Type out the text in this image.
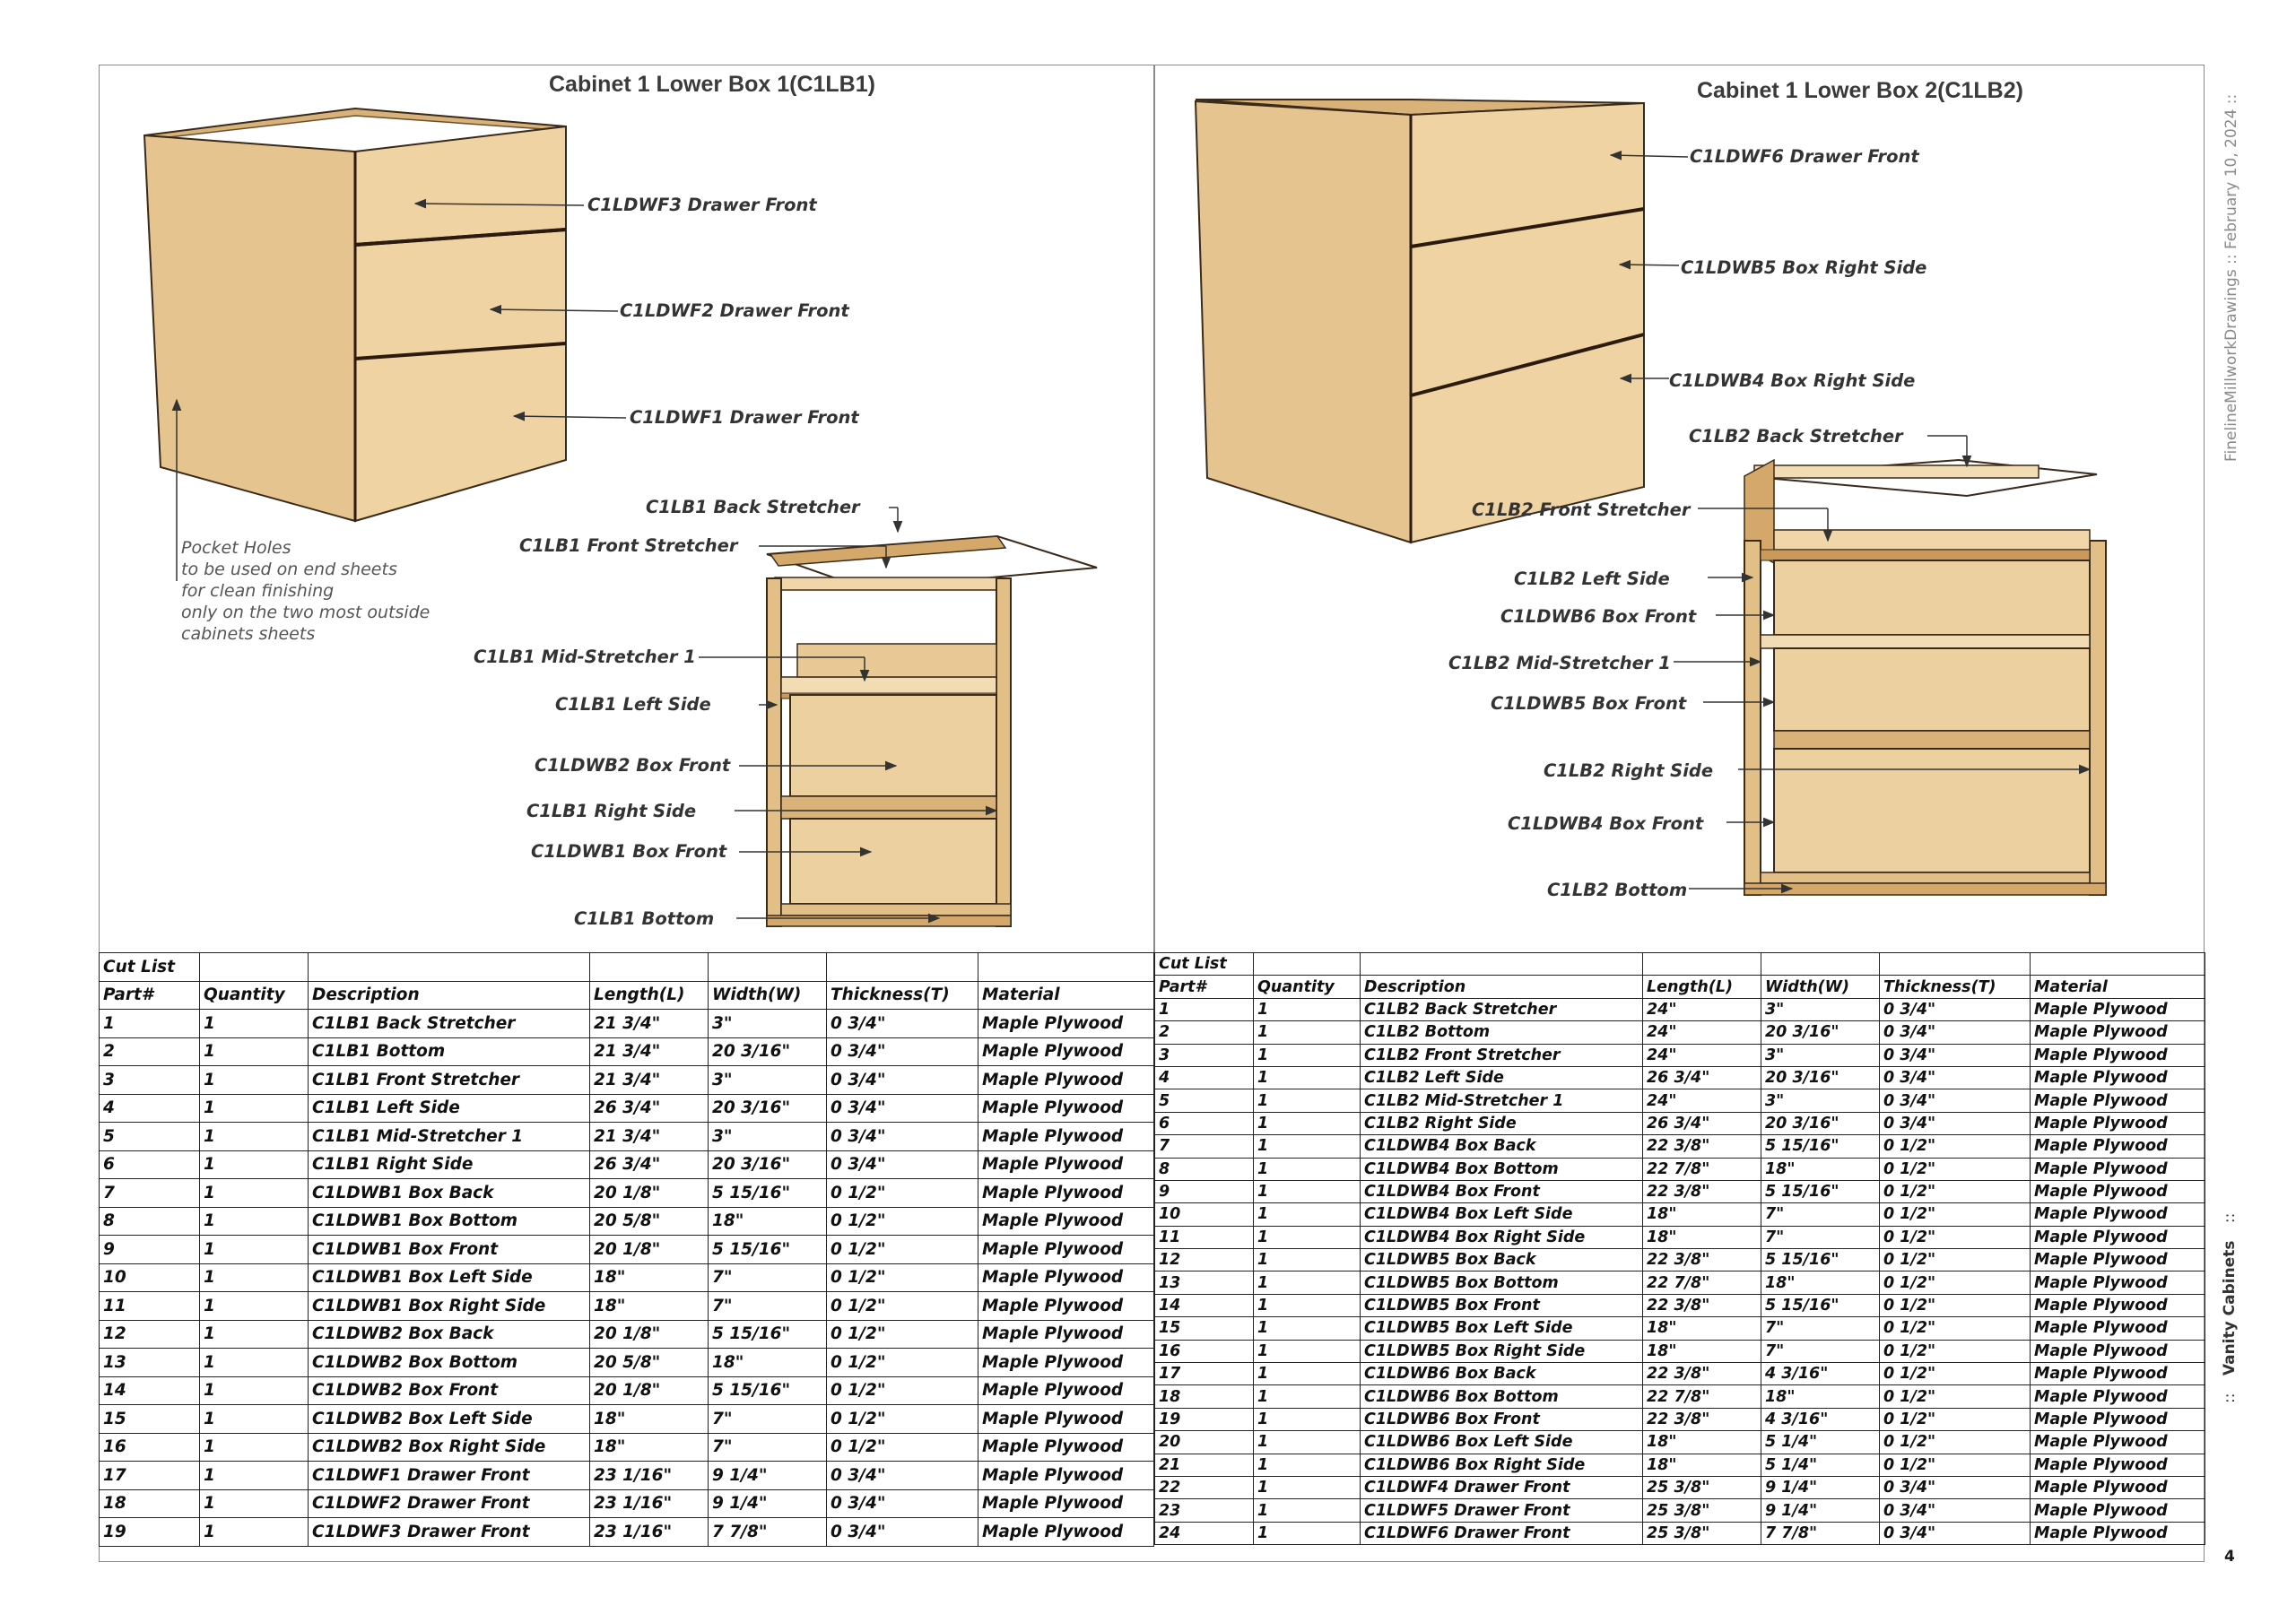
Cabinet 1 Lower Box 1(C1LB1)
C1LDWF3 Drawer Front
C1LDWF2 Drawer Front
C1LDWF1 Drawer Front
C1LB1 Back Stretcher
C1LB1 Front Stretcher
C1LB1 Mid-Stretcher 1
C1LB1 Left Side
C1LDWB2 Box Front
C1LB1 Right Side
C1LDWB1 Box Front
C1LB1 Bottom
Pocket Holes
to be used on end sheets
for clean finishing
only on the two most outside
cabinets sheets
Cabinet 1 Lower Box 2(C1LB2)
C1LDWF6 Drawer Front
C1LDWB5 Box Right Side
C1LDWB4 Box Right Side
C1LB2 Back Stretcher
C1LB2 Front Stretcher
C1LB2 Left Side
C1LDWB6 Box Front
C1LB2 Mid-Stretcher 1
C1LDWB5 Box Front
C1LB2 Right Side
C1LDWB4 Box Front
C1LB2 Bottom
FinelineMillworkDrawings :: February 10, 2024 ::
:: Vanity Cabinets ::
4
Cut List						
Part#	Quantity	Description	Length(L)	Width(W)	Thickness(T)	Material
1	1	C1LB1 Back Stretcher	21 3/4"	3"	0 3/4"	Maple Plywood
2	1	C1LB1 Bottom	21 3/4"	20 3/16"	0 3/4"	Maple Plywood
3	1	C1LB1 Front Stretcher	21 3/4"	3"	0 3/4"	Maple Plywood
4	1	C1LB1 Left Side	26 3/4"	20 3/16"	0 3/4"	Maple Plywood
5	1	C1LB1 Mid-Stretcher 1	21 3/4"	3"	0 3/4"	Maple Plywood
6	1	C1LB1 Right Side	26 3/4"	20 3/16"	0 3/4"	Maple Plywood
7	1	C1LDWB1 Box Back	20 1/8"	5 15/16"	0 1/2"	Maple Plywood
8	1	C1LDWB1 Box Bottom	20 5/8"	18"	0 1/2"	Maple Plywood
9	1	C1LDWB1 Box Front	20 1/8"	5 15/16"	0 1/2"	Maple Plywood
10	1	C1LDWB1 Box Left Side	18"	7"	0 1/2"	Maple Plywood
11	1	C1LDWB1 Box Right Side	18"	7"	0 1/2"	Maple Plywood
12	1	C1LDWB2 Box Back	20 1/8"	5 15/16"	0 1/2"	Maple Plywood
13	1	C1LDWB2 Box Bottom	20 5/8"	18"	0 1/2"	Maple Plywood
14	1	C1LDWB2 Box Front	20 1/8"	5 15/16"	0 1/2"	Maple Plywood
15	1	C1LDWB2 Box Left Side	18"	7"	0 1/2"	Maple Plywood
16	1	C1LDWB2 Box Right Side	18"	7"	0 1/2"	Maple Plywood
17	1	C1LDWF1 Drawer Front	23 1/16"	9 1/4"	0 3/4"	Maple Plywood
18	1	C1LDWF2 Drawer Front	23 1/16"	9 1/4"	0 3/4"	Maple Plywood
19	1	C1LDWF3 Drawer Front	23 1/16"	7 7/8"	0 3/4"	Maple Plywood
Cut List						
Part#	Quantity	Description	Length(L)	Width(W)	Thickness(T)	Material
1	1	C1LB2 Back Stretcher	24"	3"	0 3/4"	Maple Plywood
2	1	C1LB2 Bottom	24"	20 3/16"	0 3/4"	Maple Plywood
3	1	C1LB2 Front Stretcher	24"	3"	0 3/4"	Maple Plywood
4	1	C1LB2 Left Side	26 3/4"	20 3/16"	0 3/4"	Maple Plywood
5	1	C1LB2 Mid-Stretcher 1	24"	3"	0 3/4"	Maple Plywood
6	1	C1LB2 Right Side	26 3/4"	20 3/16"	0 3/4"	Maple Plywood
7	1	C1LDWB4 Box Back	22 3/8"	5 15/16"	0 1/2"	Maple Plywood
8	1	C1LDWB4 Box Bottom	22 7/8"	18"	0 1/2"	Maple Plywood
9	1	C1LDWB4 Box Front	22 3/8"	5 15/16"	0 1/2"	Maple Plywood
10	1	C1LDWB4 Box Left Side	18"	7"	0 1/2"	Maple Plywood
11	1	C1LDWB4 Box Right Side	18"	7"	0 1/2"	Maple Plywood
12	1	C1LDWB5 Box Back	22 3/8"	5 15/16"	0 1/2"	Maple Plywood
13	1	C1LDWB5 Box Bottom	22 7/8"	18"	0 1/2"	Maple Plywood
14	1	C1LDWB5 Box Front	22 3/8"	5 15/16"	0 1/2"	Maple Plywood
15	1	C1LDWB5 Box Left Side	18"	7"	0 1/2"	Maple Plywood
16	1	C1LDWB5 Box Right Side	18"	7"	0 1/2"	Maple Plywood
17	1	C1LDWB6 Box Back	22 3/8"	4 3/16"	0 1/2"	Maple Plywood
18	1	C1LDWB6 Box Bottom	22 7/8"	18"	0 1/2"	Maple Plywood
19	1	C1LDWB6 Box Front	22 3/8"	4 3/16"	0 1/2"	Maple Plywood
20	1	C1LDWB6 Box Left Side	18"	5 1/4"	0 1/2"	Maple Plywood
21	1	C1LDWB6 Box Right Side	18"	5 1/4"	0 1/2"	Maple Plywood
22	1	C1LDWF4 Drawer Front	25 3/8"	9 1/4"	0 3/4"	Maple Plywood
23	1	C1LDWF5 Drawer Front	25 3/8"	9 1/4"	0 3/4"	Maple Plywood
24	1	C1LDWF6 Drawer Front	25 3/8"	7 7/8"	0 3/4"	Maple Plywood
